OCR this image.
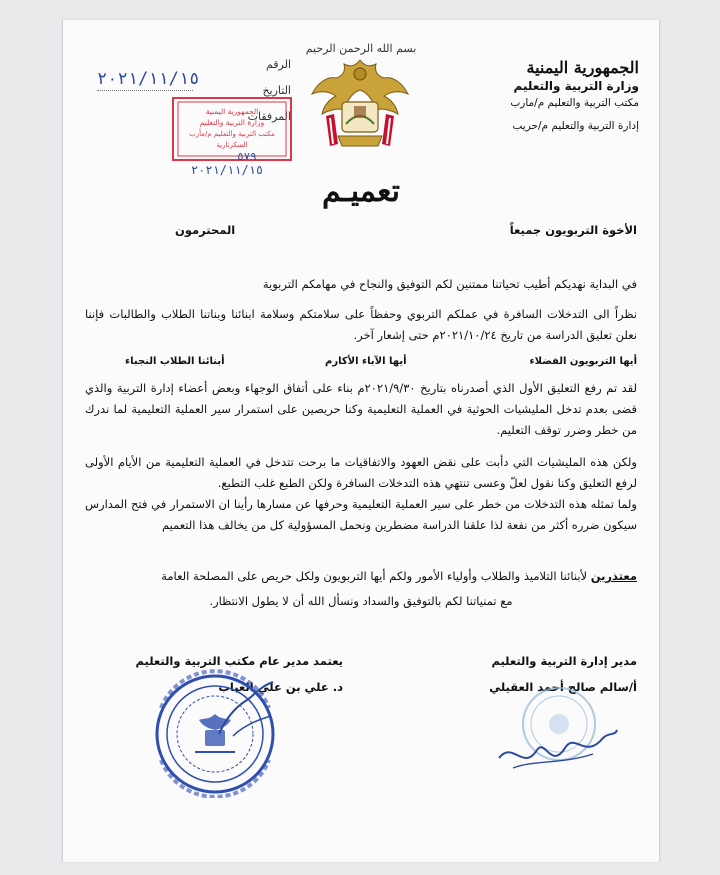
الجمهورية اليمنية
وزارة التربية والتعليم
مكتب التربية والتعليم م/مارب
إدارة التربية والتعليم م/حريب
بسم الله الرحمن الرحيم
الرقم
التاريخ
المرفقات
٢٠٢١/١١/١٥
الجمهورية اليمنية
وزارة التربية والتعليم
مكتب التربية والتعليم م/مأرب
السكرتارية
٥٧٩
٢٠٢١/١١/١٥
تعميـم
الأخوة التربويون جميعاً
المحترمون
في البداية نهديكم أطيب تحياتنا ممتنين لكم التوفيق والنجاح في مهامكم التربوية
نظراً الى التدخلات السافرة في عملكم التربوي وحفظاً على سلامتكم وسلامة ابنائنا وبناتنا الطلاب والطالبات فإننا نعلن تعليق الدراسة من تاريخ ٢٠٢١/١٠/٢٤م حتى إشعار آخر.
أيها التربويون الفضلاء
أيها الآباء الأكارم
أبنائنا الطلاب النجباء
لقد تم رفع التعليق الأول الذي أصدرناه بتاريخ ٢٠٢١/٩/٣٠م بناء على أتفاق الوجهاء وبعض أعضاء إدارة التربية والذي قضى بعدم تدخل المليشيات الحوثية في العملية التعليمية وكنا حريصين على استمرار سير العملية التعليمية لما ندرك من خطر وضرر توقف التعليم.
ولكن هذه المليشيات التي دأبت على نقض العهود والاتفاقيات ما برحت تتدخل في العملية التعليمية من الأيام الأولى لرفع التعليق وكنا نقول لعلّ وعسى تنتهي هذه التدخلات السافرة ولكن الطبع غلب التطبع.
ولما تمثله هذه التدخلات من خطر على سير العملية التعليمية وحرفها عن مسارها رأينا ان الاستمرار في فتح المدارس سيكون ضرره أكثر من نفعة لذا علقنا الدراسة مضطرين ونحمل المسؤولية كل من يخالف هذا التعميم
معتذرين لأبنائنا التلاميذ والطلاب وأولياء الأمور ولكم أيها التربويون ولكل حريص على المصلحة العامة
مع تمنياتنا لكم بالتوفيق والسداد ونسأل الله أن لا يطول الانتظار.
مدير إدارة التربية والتعليم
أ/سالم صالح أحمد العقيلي
يعتمد مدير عام مكتب التربية والتعليم
د. علي بن علي العباب
